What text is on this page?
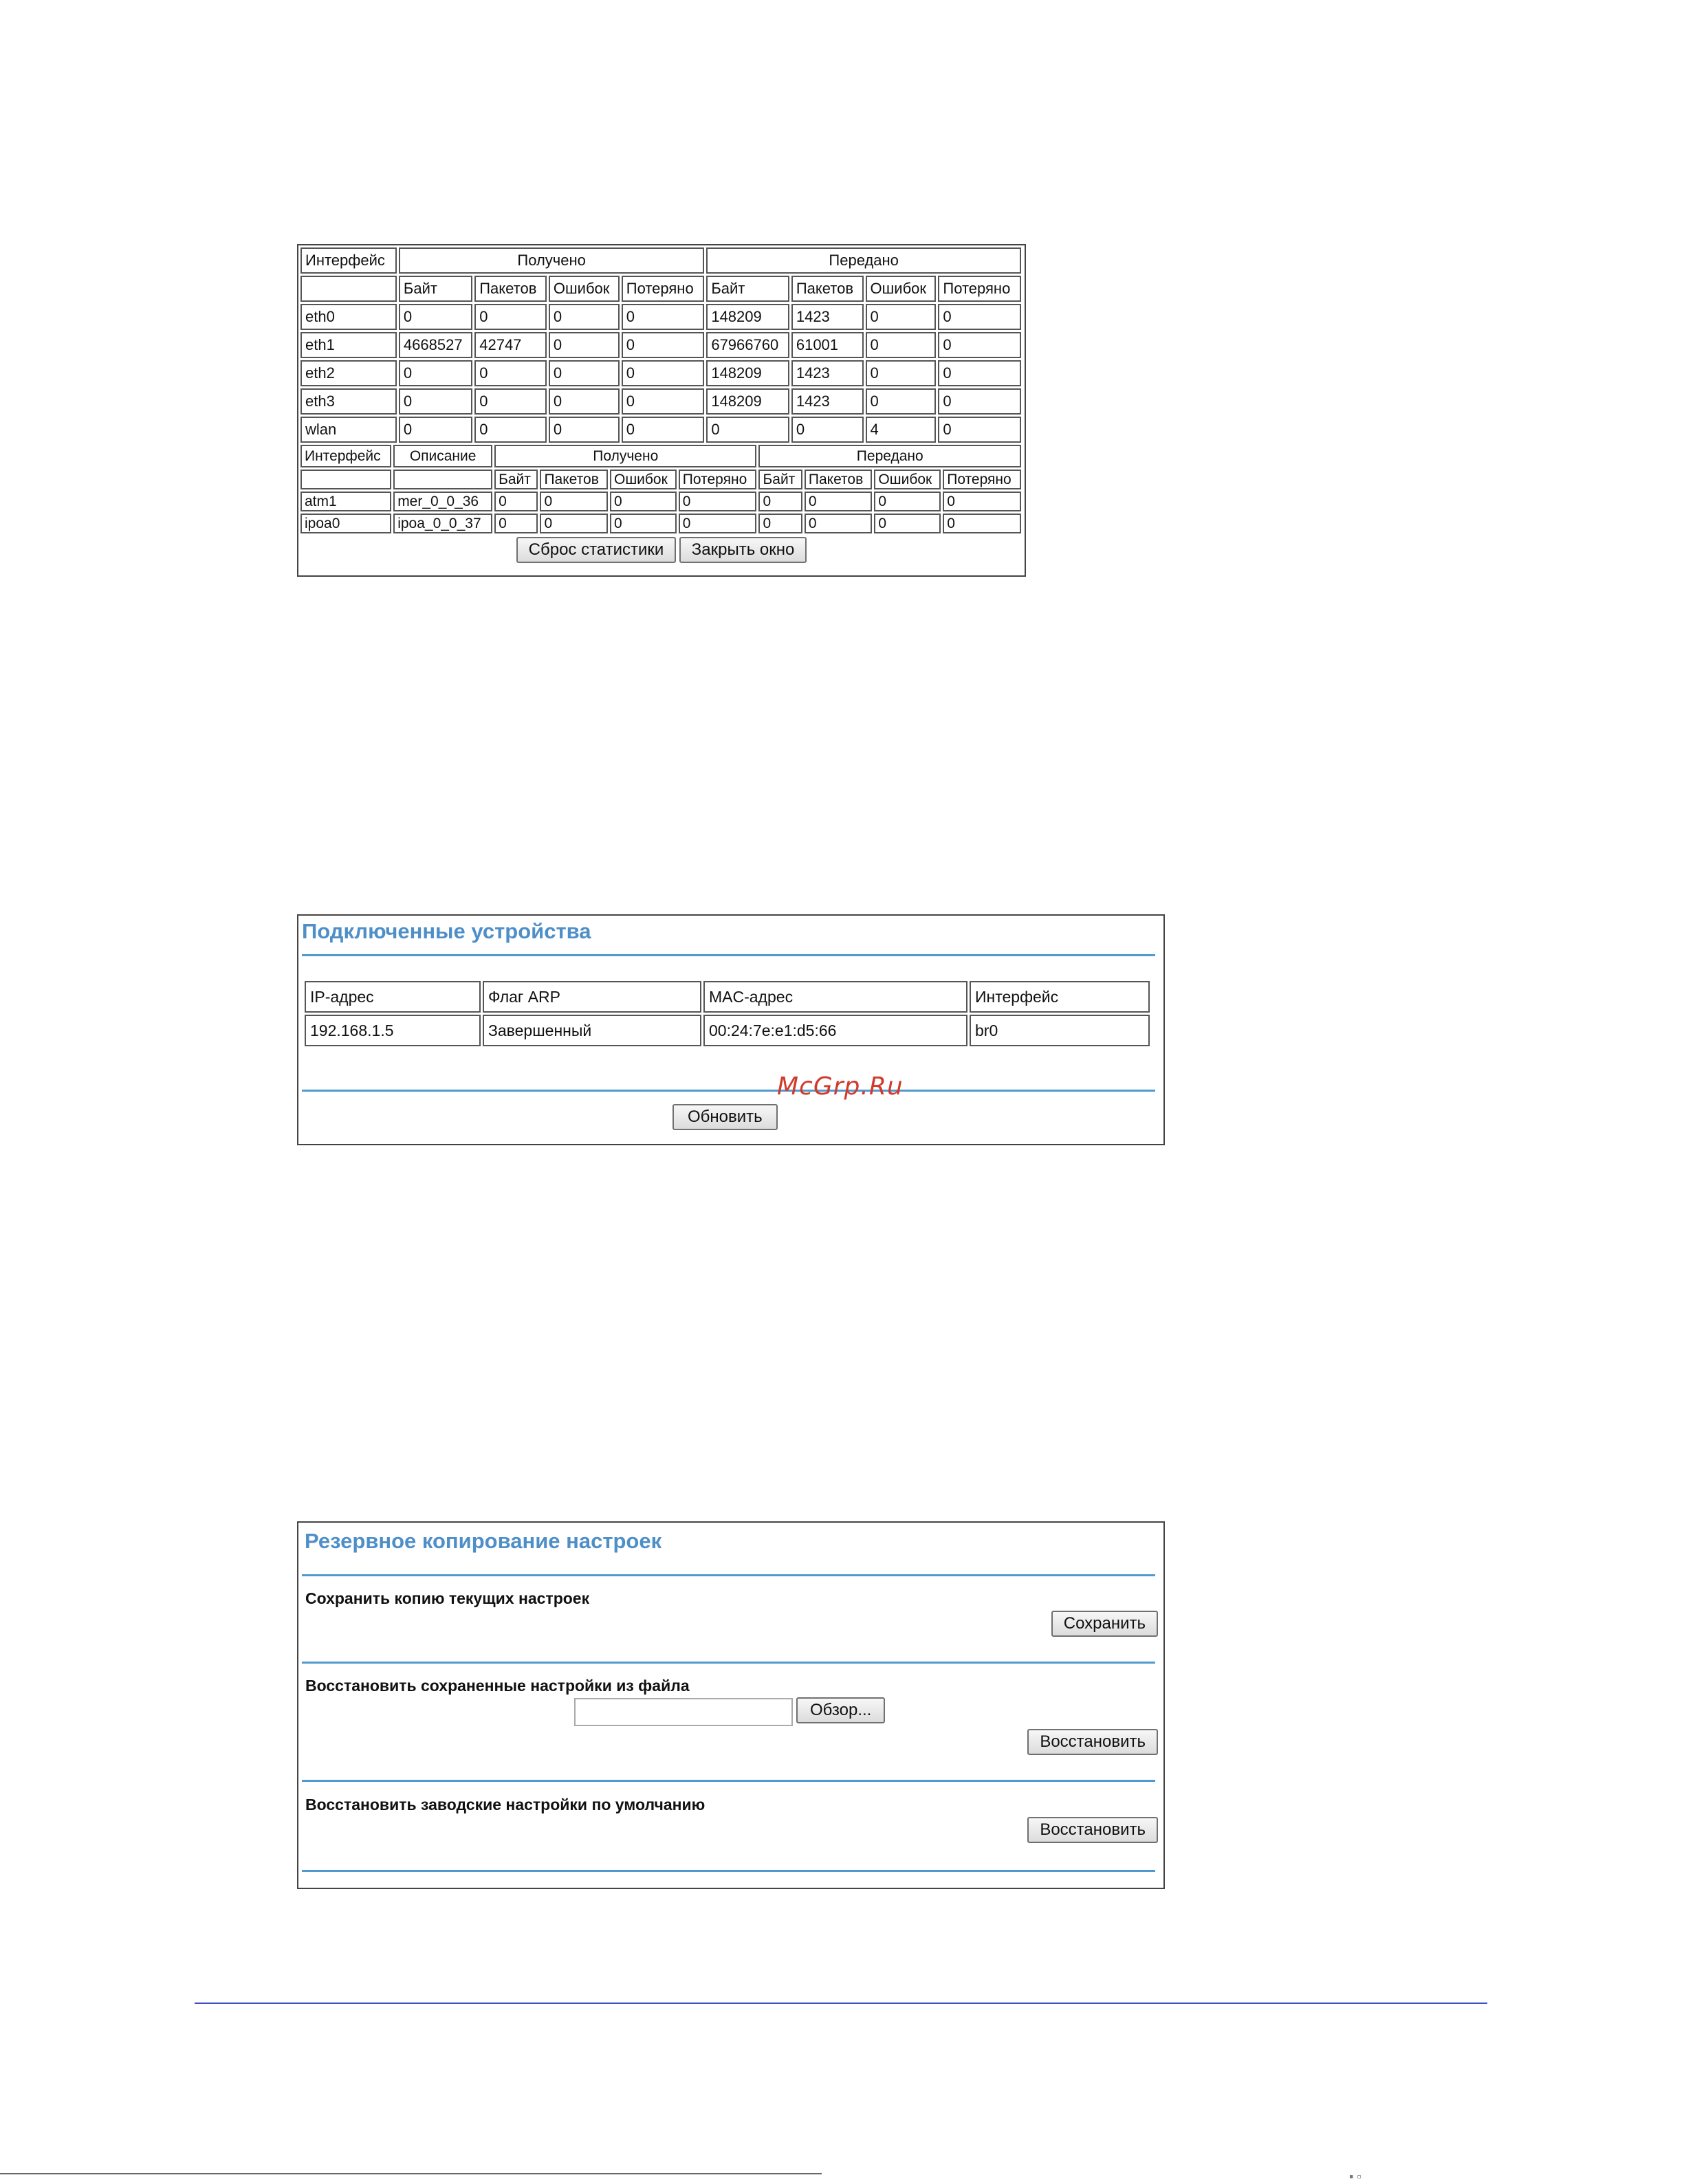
Интерфейс	Получено				Передано			
	Байт	Пакетов	Ошибок	Потеряно	Байт	Пакетов	Ошибок	Потеряно
eth0	0	0	0	0	148209	1423	0	0
eth1	4668527	42747	0	0	67966760	61001	0	0
eth2	0	0	0	0	148209	1423	0	0
eth3	0	0	0	0	148209	1423	0	0
wlan	0	0	0	0	0	0	4	0
Интерфейс	Описание	Получено				Передано			
		Байт	Пакетов	Ошибок	Потеряно	Байт	Пакетов	Ошибок	Потеряно
atm1	mer_0_0_36	0	0	0	0	0	0	0	0
ipoa0	ipoa_0_0_37	0	0	0	0	0	0	0	0
Сброс статистики Закрыть окно
Подключенные устройства
IP-адрес	Флаг ARP	MAC-адрес	Интерфейс
192.168.1.5	Завершенный	00:24:7e:e1:d5:66	br0
Обновить
McGrp.Ru
Резервное копирование настроек
Сохранить копию текущих настроек
Сохранить
Восстановить сохраненные настройки из файла
Обзор...
Восстановить
Восстановить заводские настройки по умолчанию
Восстановить
▪ ▫
